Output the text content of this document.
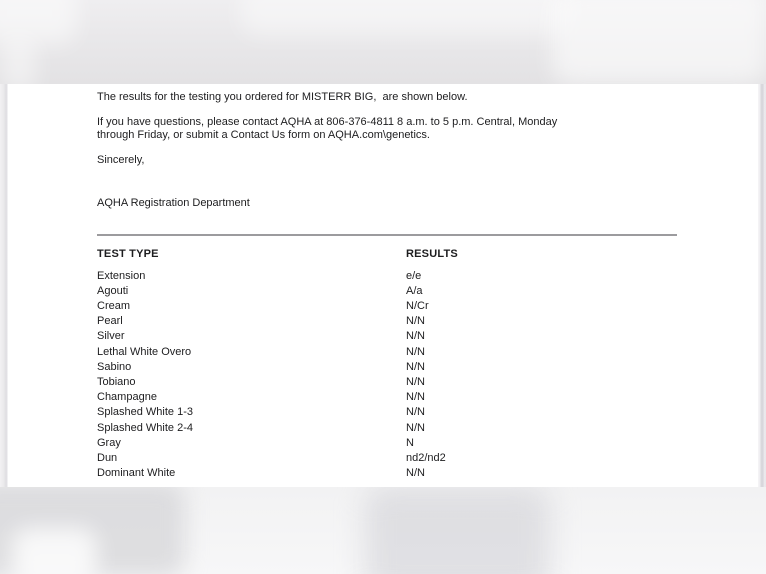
The results for the testing you ordered for MISTERR BIG,  are shown below.
If you have questions, please contact AQHA at 806-376-4811 8 a.m. to 5 p.m. Central, Monday
through Friday, or submit a Contact Us form on AQHA.com\genetics.
Sincerely,
AQHA Registration Department
TEST TYPE	RESULTS
Extension	e/e
Agouti	A/a
Cream	N/Cr
Pearl	N/N
Silver	N/N
Lethal White Overo	N/N
Sabino	N/N
Tobiano	N/N
Champagne	N/N
Splashed White 1-3	N/N
Splashed White 2-4	N/N
Gray	N
Dun	nd2/nd2
Dominant White	N/N
